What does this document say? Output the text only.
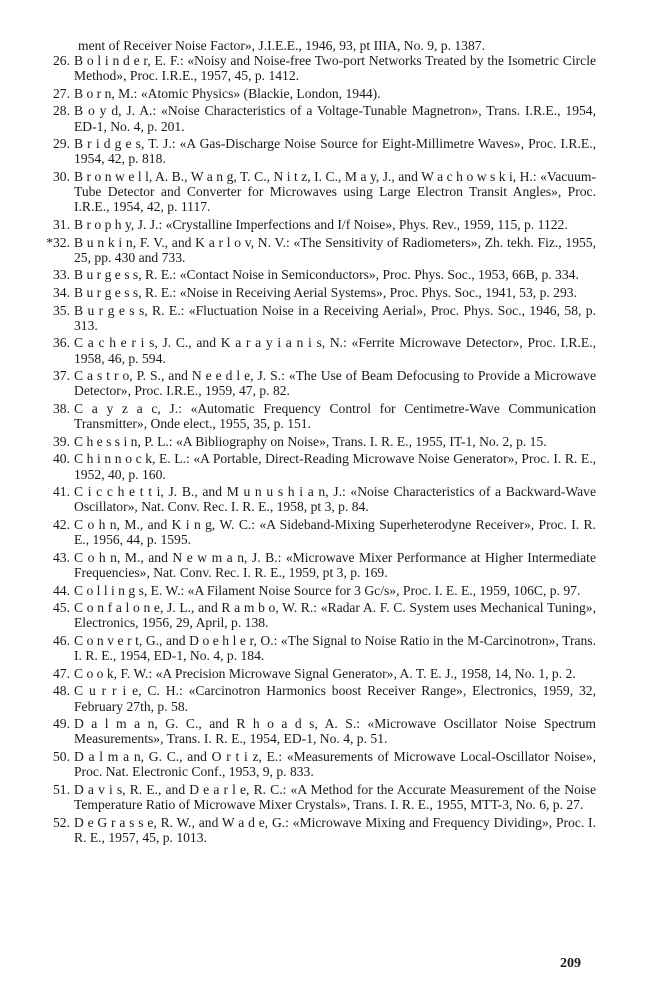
ment of Receiver Noise Factor», J.I.E.E., 1946, 93, pt IIIA, No. 9, p. 1387.

26. B o l i n d e r, E. F.: «Noisy and Noise-free Two-port Networks Treated by the Isometric Circle Method», Proc. I.R.E., 1957, 45, p. 1412.
27. B o r n, M.: «Atomic Physics» (Blackie, London, 1944).
28. B o y d, J. A.: «Noise Characteristics of a Voltage-Tunable Magnetron», Trans. I.R.E., 1954, ED-1, No. 4, p. 201.
29. B r i d g e s, T. J.: «A Gas-Discharge Noise Source for Eight-Millimetre Waves», Proc. I.R.E., 1954, 42, p. 818.
30. B r o n w e l l, A. B., W a n g, T. C., N i t z, I. C., M a y, J., and W a c h o w s k i, H.: «Vacuum-Tube Detector and Converter for Microwaves using Large Electron Transit Angles», Proc. I.R.E., 1954, 42, p. 1117.
31. B r o p h y, J. J.: «Crystalline Imperfections and I/f Noise», Phys. Rev., 1959, 115, p. 1122.
*32. B u n k i n, F. V., and K a r l o v, N. V.: «The Sensitivity of Radiometers», Zh. tekh. Fiz., 1955, 25, pp. 430 and 733.
33. B u r g e s s, R. E.: «Contact Noise in Semiconductors», Proc. Phys. Soc., 1953, 66B, p. 334.
34. B u r g e s s, R. E.: «Noise in Receiving Aerial Systems», Proc. Phys. Soc., 1941, 53, p. 293.
35. B u r g e s s, R. E.: «Fluctuation Noise in a Receiving Aerial», Proc. Phys. Soc., 1946, 58, p. 313.
36. C a c h e r i s, J. C., and K a r a y i a n i s, N.: «Ferrite Microwave Detector», Proc. I.R.E., 1958, 46, p. 594.
37. C a s t r o, P. S., and N e e d l e, J. S.: «The Use of Beam Defocusing to Provide a Microwave Detector», Proc. I.R.E., 1959, 47, p. 82.
38. C a y z a c, J.: «Automatic Frequency Control for Centimetre-Wave Communication Transmitter», Onde elect., 1955, 35, p. 151.
39. C h e s s i n, P. L.: «A Bibliography on Noise», Trans. I. R. E., 1955, IT-1, No. 2, p. 15.
40. C h i n n o c k, E. L.: «A Portable, Direct-Reading Microwave Noise Generator», Proc. I. R. E., 1952, 40, p. 160.
41. C i c c h e t t i, J. B., and M u n u s h i a n, J.: «Noise Characteristics of a Backward-Wave Oscillator», Nat. Conv. Rec. I. R. E., 1958, pt 3, p. 84.
42. C o h n, M., and K i n g, W. C.: «A Sideband-Mixing Superheterodyne Receiver», Proc. I. R. E., 1956, 44, p. 1595.
43. C o h n, M., and N e w m a n, J. B.: «Microwave Mixer Performance at Higher Intermediate Frequencies», Nat. Conv. Rec. I. R. E., 1959, pt 3, p. 169.
44. C o l l i n g s, E. W.: «A Filament Noise Source for 3 Gc/s», Proc. I. E. E., 1959, 106C, p. 97.
45. C o n f a l o n e, J. L., and R a m b o, W. R.: «Radar A. F. C. System uses Mechanical Tuning», Electronics, 1956, 29, April, p. 138.
46. C o n v e r t, G., and D o e h l e r, O.: «The Signal to Noise Ratio in the M-Carcinotron», Trans. I. R. E., 1954, ED-1, No. 4, p. 184.
47. C o o k, F. W.: «A Precision Microwave Signal Generator», A. T. E. J., 1958, 14, No. 1, p. 2.
48. C u r r i e, C. H.: «Carcinotron Harmonics boost Receiver Range», Electronics, 1959, 32, February 27th, p. 58.
49. D a l m a n, G. C., and R h o a d s, A. S.: «Microwave Oscillator Noise Spectrum Measurements», Trans. I. R. E., 1954, ED-1, No. 4, p. 51.
50. D a l m a n, G. C., and O r t i z, E.: «Measurements of Microwave Local-Oscillator Noise», Proc. Nat. Electronic Conf., 1953, 9, p. 833.
51. D a v i s, R. E., and D e a r l e, R. C.: «A Method for the Accurate Measurement of the Noise Temperature Ratio of Microwave Mixer Crystals», Trans. I. R. E., 1955, MTT-3, No. 6, p. 27.
52. D e G r a s s e, R. W., and W a d e, G.: «Microwave Mixing and Frequency Dividing», Proc. I. R. E., 1957, 45, p. 1013.
209
